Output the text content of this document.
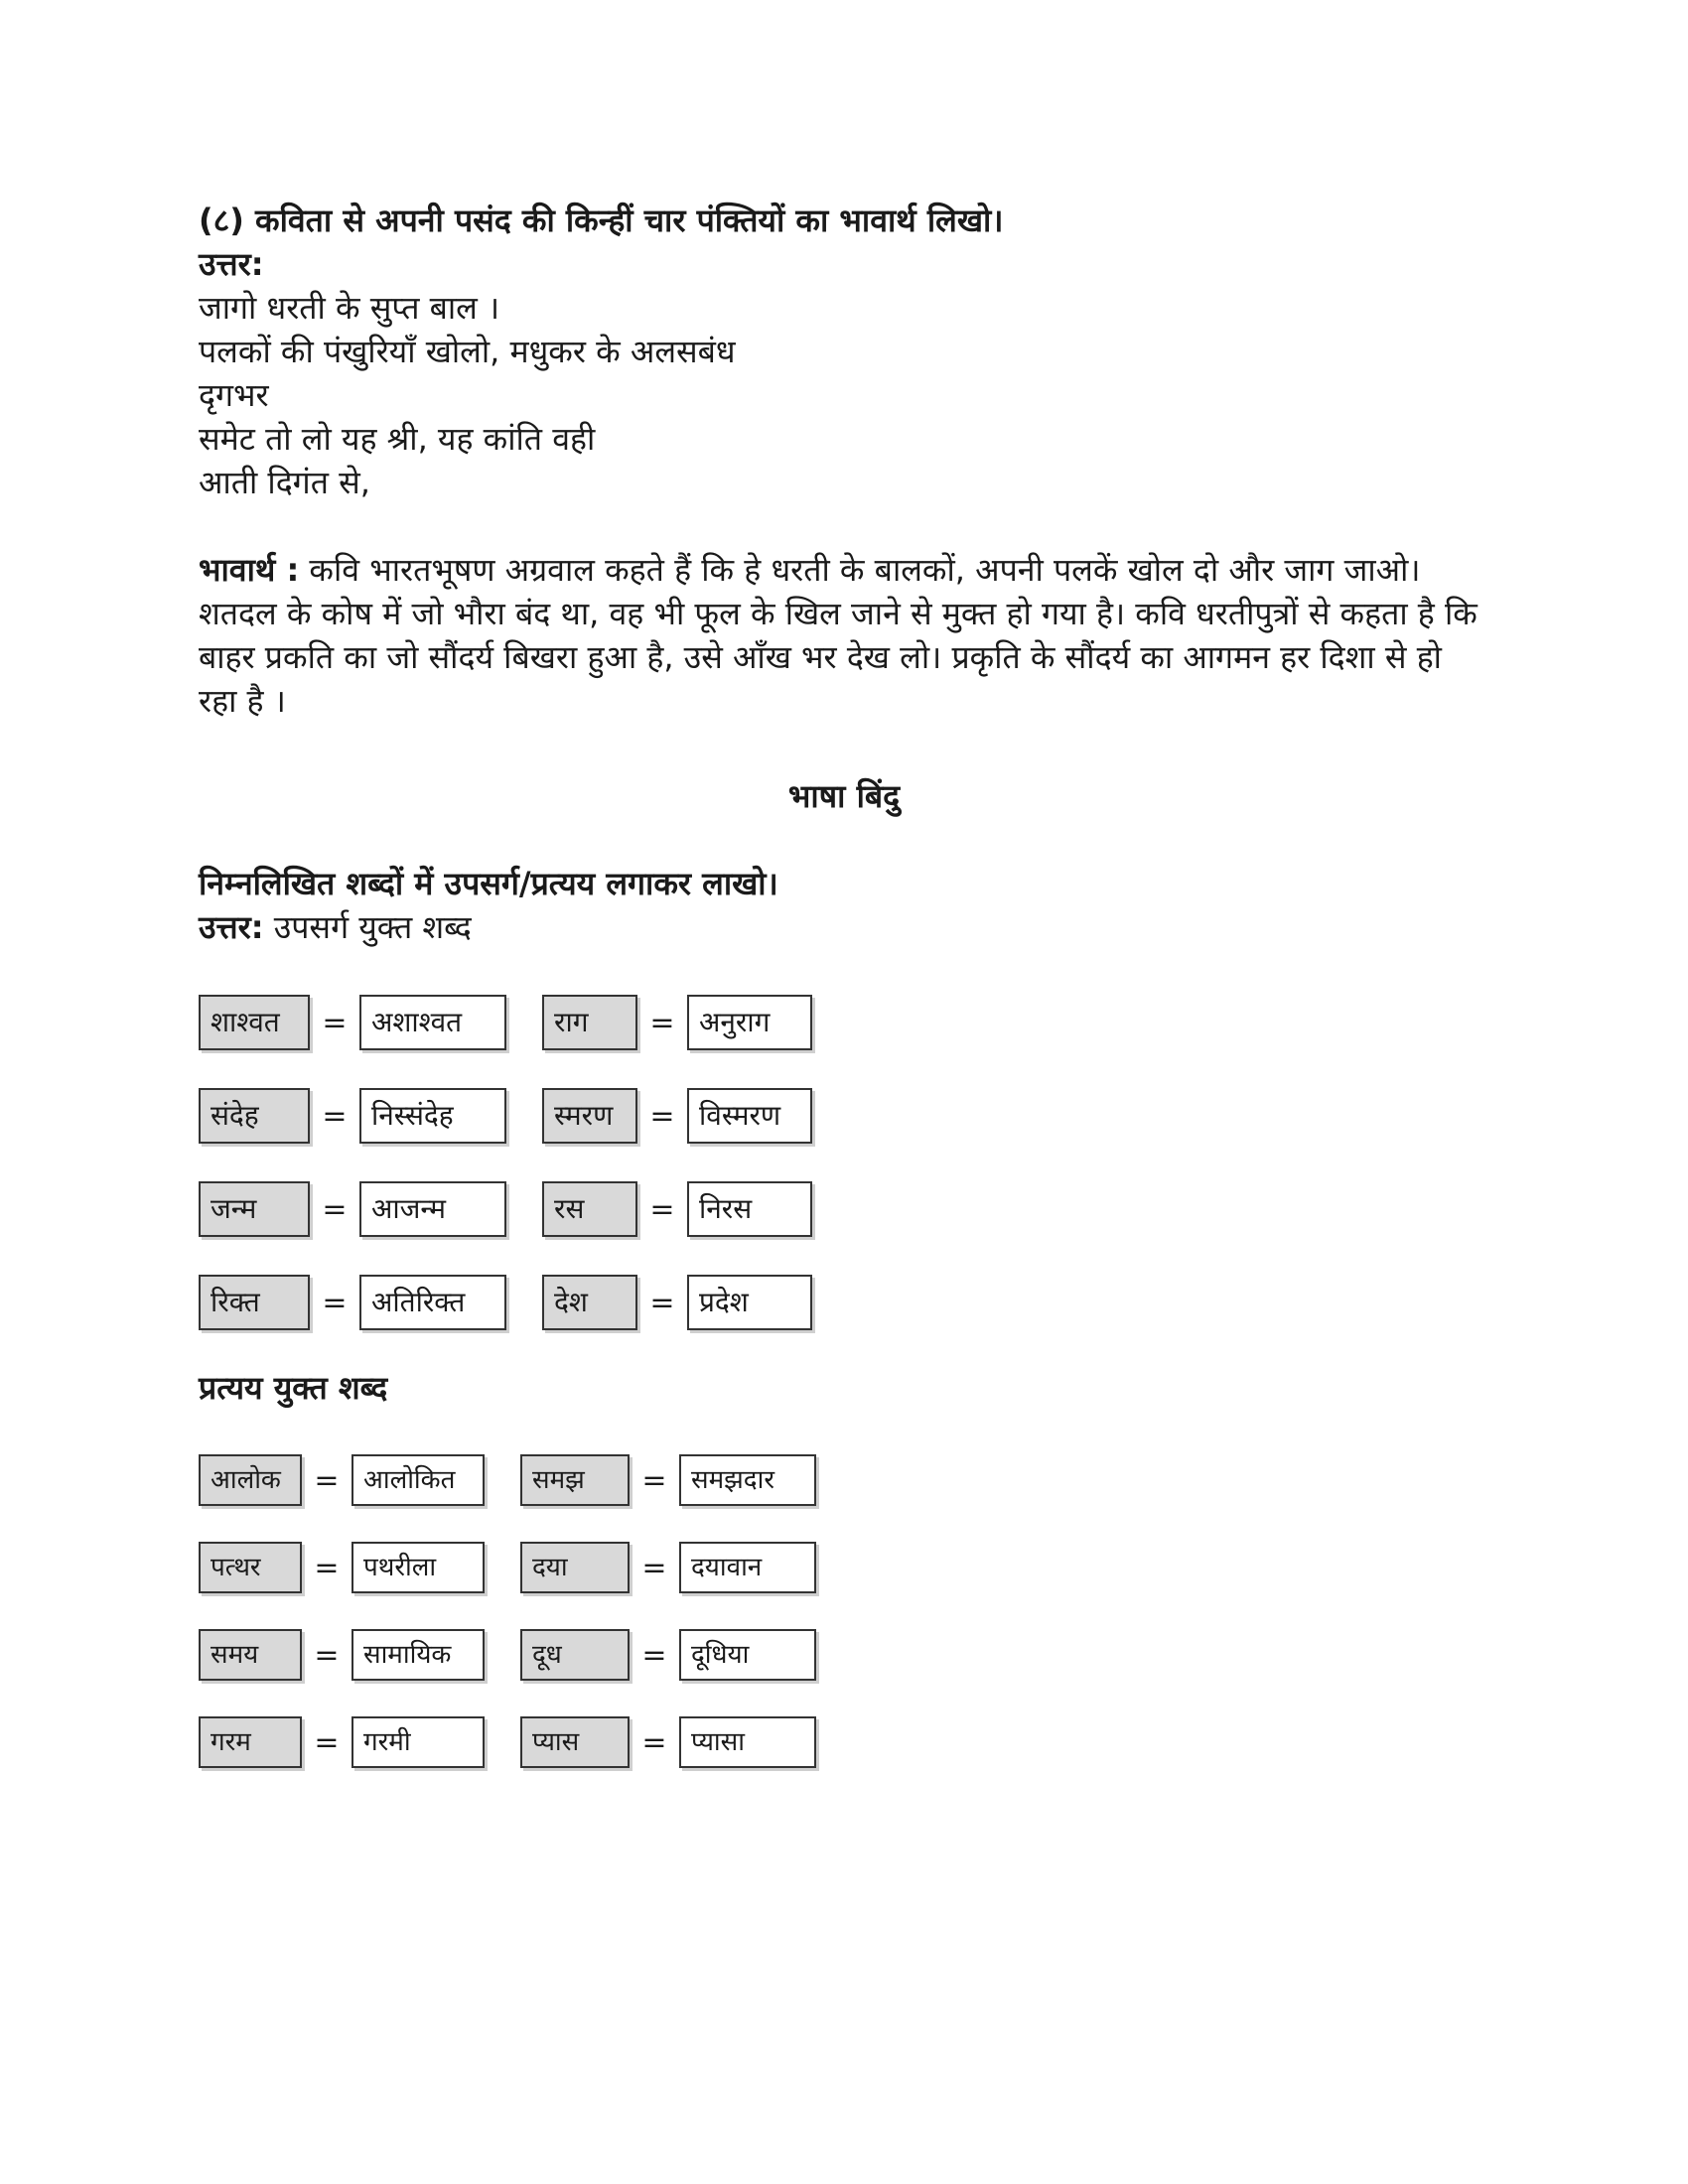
(८) कविता से अपनी पसंद की किन्हीं चार पंक्तियों का भावार्थ लिखो।

उत्तर:

जागो धरती के सुप्त बाल ।

पलकों की पंखुरियाँ खोलो, मधुकर के अलसबंध

दृगभर

समेट तो लो यह श्री, यह कांति वही

आती दिगंत से,

भावार्थ : कवि भारतभूषण अग्रवाल कहते हैं कि हे धरती के बालकों, अपनी पलकें खोल दो और जाग जाओ। शतदल के कोष में जो भौरा बंद था, वह भी फूल के खिल जाने से मुक्त हो गया है। कवि धरतीपुत्रों से कहता है कि बाहर प्रकति का जो सौंदर्य बिखरा हुआ है, उसे आँख भर देख लो। प्रकृति के सौंदर्य का आगमन हर दिशा से हो रहा है ।

भाषा बिंदु

निम्नलिखित शब्दों में उपसर्ग/प्रत्यय लगाकर लाखो।

उत्तर: उपसर्ग युक्त शब्द

शाश्वत	= अशाश्वत	राग	= अनुराग
संदेह	= निस्संदेह	स्मरण	= विस्मरण
जन्म	= आजन्म	रस	= निरस
रिक्त	= अतिरिक्त	देश	= प्रदेश

प्रत्यय युक्त शब्द

आलोक	= आलोकित	समझ	= समझदार
पत्थर	= पथरीला	दया	= दयावान
समय	= सामायिक	दूध	= दूधिया
गरम	= गरमी	प्यास	= प्यासा
